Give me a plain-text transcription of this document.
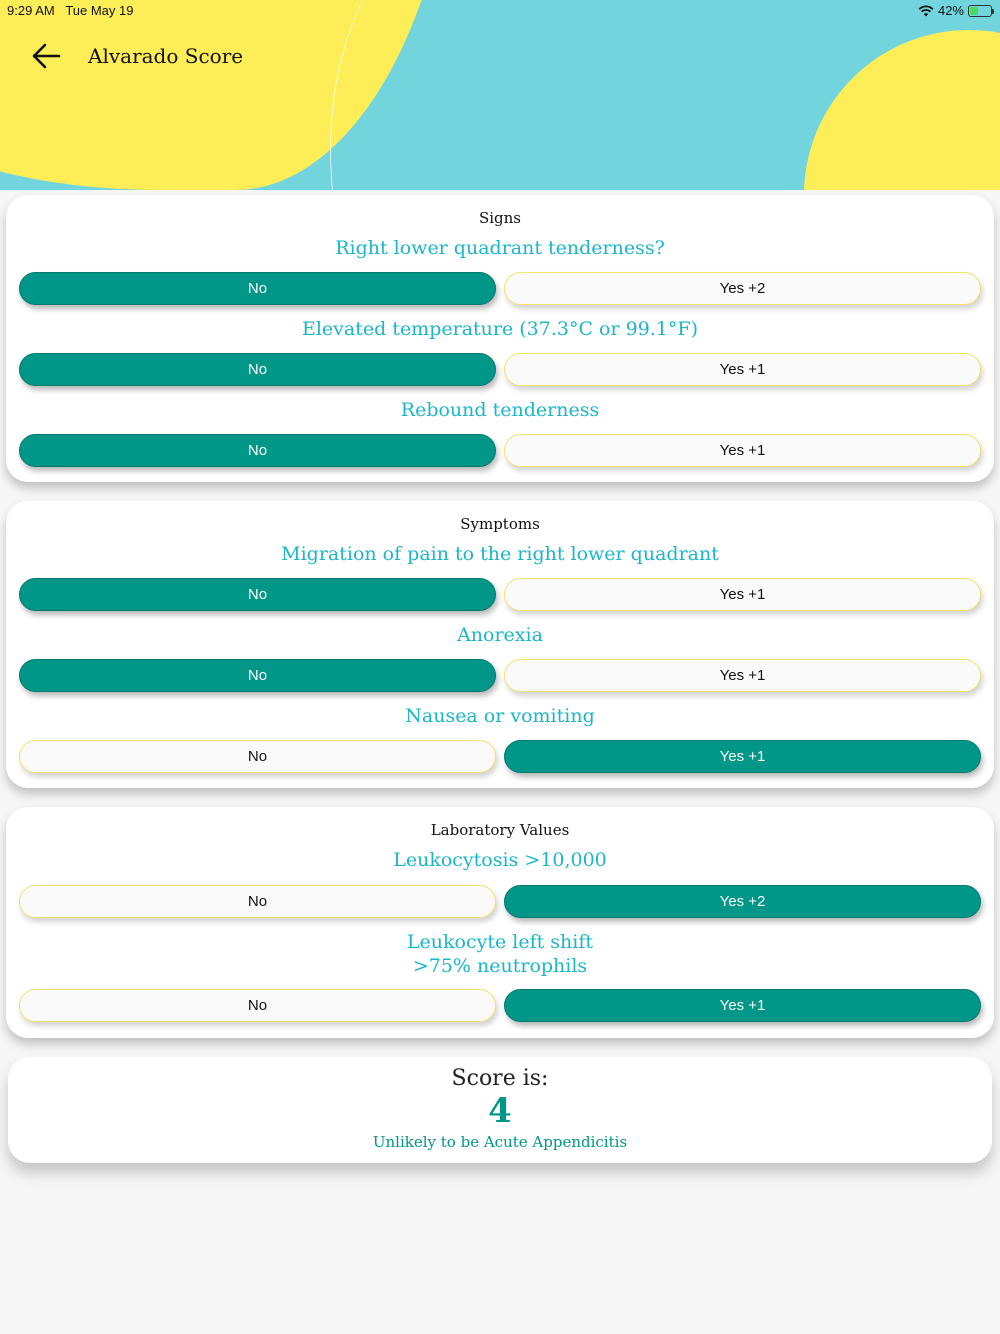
9:29 AM Tue May 19	42%
Alvarado Score
Signs
Right lower quadrant tenderness?
No	Yes +2
Elevated temperature (37.3°C or 99.1°F)
No	Yes +1
Rebound tenderness
No	Yes +1
Symptoms
Migration of pain to the right lower quadrant
No	Yes +1
Anorexia
No	Yes +1
Nausea or vomiting
No	Yes +1
Laboratory Values
Leukocytosis >10,000
No	Yes +2
Leukocyte left shift
>75% neutrophils
No	Yes +1
Score is:
4
Unlikely to be Acute Appendicitis
